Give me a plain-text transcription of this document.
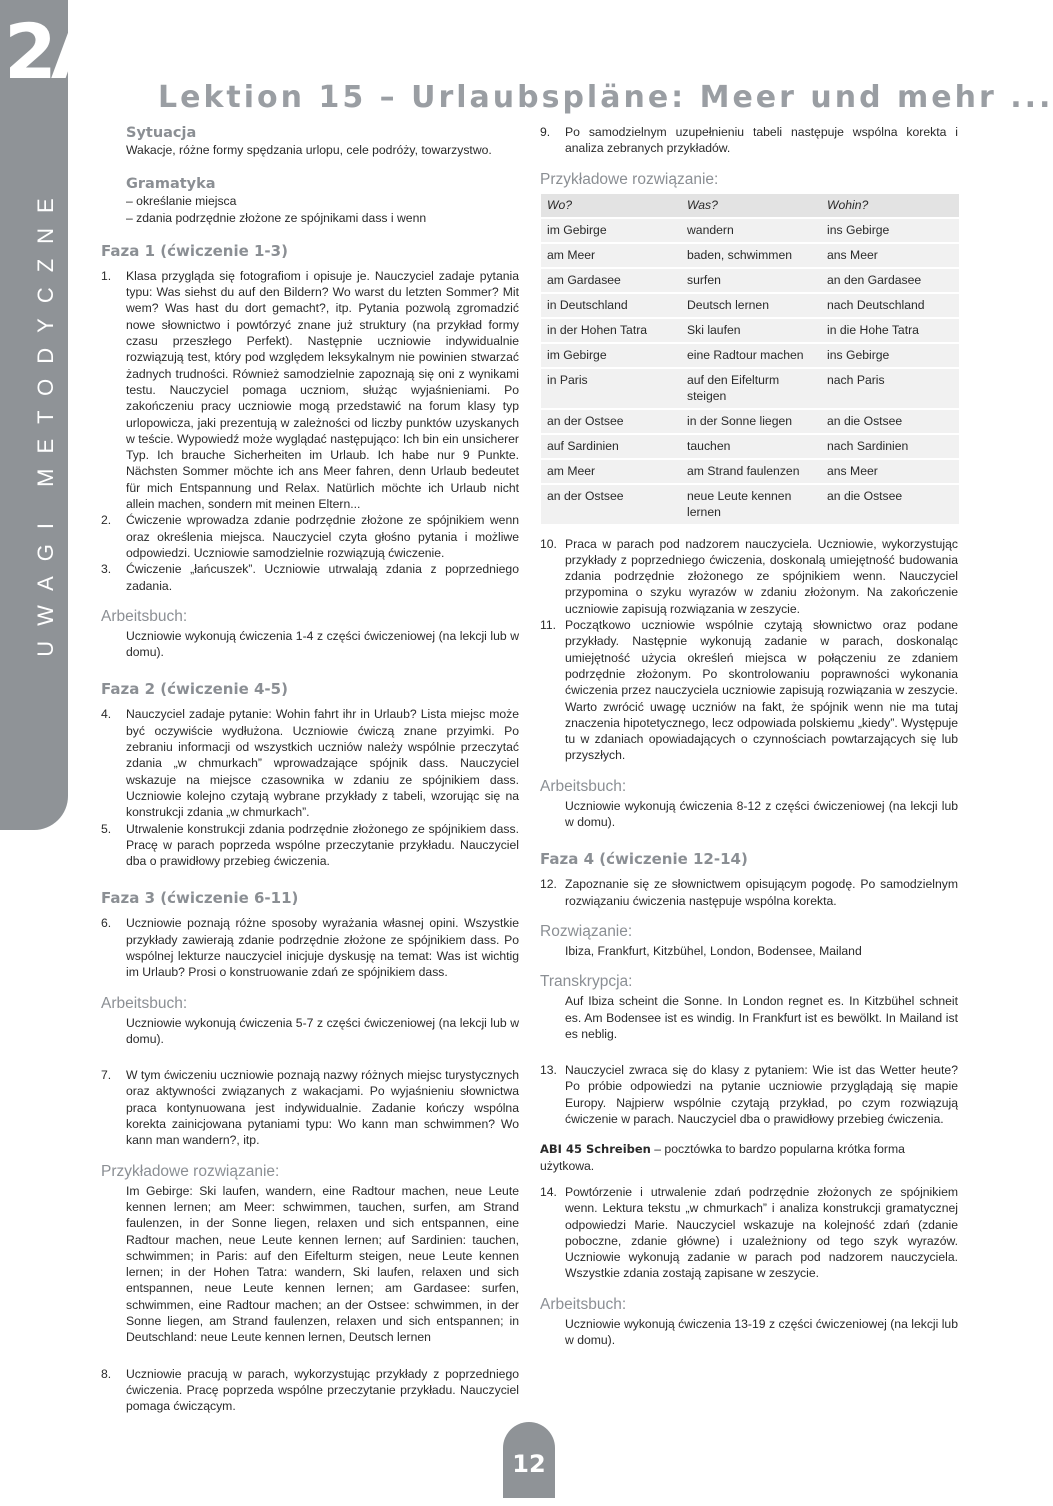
2A
UWAGI METODYCZNE
Lektion 15 – Urlaubspläne: Meer und mehr ...
Sytuacja
Wakacje, różne formy spędzania urlopu, cele podróży, towarzystwo.
Gramatyka
– określanie miejsca
– zdania podrzędnie złożone ze spójnikami dass i wenn
Faza 1 (ćwiczenie 1-3)
1.	Klasa przygląda się fotografiom i opisuje je. Nauczyciel zadaje pytania typu: Was siehst du auf den Bildern? Wo warst du letzten Sommer? Mit wem? Was hast du dort gemacht?, itp. Pytania pozwolą zgromadzić nowe słownictwo i powtórzyć znane już struktury (na przykład formy czasu przeszłego Perfekt). Następnie uczniowie indywidualnie rozwiązują test, który pod względem leksykalnym nie powinien stwarzać żadnych trudności. Również samodzielnie zapoznają się oni z wynikami testu. Nauczyciel pomaga uczniom, służąc wyjaśnieniami. Po zakończeniu pracy uczniowie mogą przedstawić na forum klasy typ urlopowicza, jaki prezentują w zależności od liczby punktów uzyskanych w teście. Wypowiedź może wyglądać następująco: Ich bin ein unsicherer Typ. Ich brauche Sicherheiten im Urlaub. Ich habe nur 9 Punkte. Nächsten Sommer möchte ich ans Meer fahren, denn Urlaub bedeutet für mich Entspannung und Relax. Natürlich möchte ich Urlaub nicht allein machen, sondern mit meinen Eltern...
2.	Ćwiczenie wprowadza zdanie podrzędnie złożone ze spójnikiem wenn oraz określenia miejsca. Nauczyciel czyta głośno pytania i możliwe odpowiedzi. Uczniowie samodzielnie rozwiązują ćwiczenie.
3.	Ćwiczenie „łańcuszek”. Uczniowie utrwalają zdania z poprzedniego zadania.
Arbeitsbuch:
Uczniowie wykonują ćwiczenia 1-4 z części ćwiczeniowej (na lekcji lub w domu).
Faza 2 (ćwiczenie 4-5)
4.	Nauczyciel zadaje pytanie: Wohin fahrt ihr in Urlaub? Lista miejsc może być oczywiście wydłużona. Uczniowie ćwiczą znane przyimki. Po zebraniu informacji od wszystkich uczniów należy wspólnie przeczytać zdania „w chmurkach” wprowadzające spójnik dass. Nauczyciel wskazuje na miejsce czasownika w zdaniu ze spójnikiem dass. Uczniowie kolejno czytają wybrane przykłady z tabeli, wzorując się na konstrukcji zdania „w chmurkach”.
5.	Utrwalenie konstrukcji zdania podrzędnie złożonego ze spójnikiem dass. Pracę w parach poprzeda wspólne przeczytanie przykładu. Nauczyciel dba o prawidłowy przebieg ćwiczenia.
Faza 3 (ćwiczenie 6-11)
6.	Uczniowie poznają różne sposoby wyrażania własnej opini. Wszystkie przykłady zawierają zdanie podrzędnie złożone ze spójnikiem dass. Po wspólnej lekturze nauczyciel inicjuje dyskusję na temat: Was ist wichtig im Urlaub? Prosi o konstruowanie zdań ze spójnikiem dass.
Arbeitsbuch:
Uczniowie wykonują ćwiczenia 5-7 z części ćwiczeniowej (na lekcji lub w domu).
7.	W tym ćwiczeniu uczniowie poznają nazwy różnych miejsc turystycznych oraz aktywności związanych z wakacjami. Po wyjaśnieniu słownictwa praca kontynuowana jest indywidualnie. Zadanie kończy wspólna korekta zainicjowana pytaniami typu: Wo kann man schwimmen? Wo kann man wandern?, itp.
Przykładowe rozwiązanie:
Im Gebirge: Ski laufen, wandern, eine Radtour machen, neue Leute kennen lernen; am Meer: schwimmen, tauchen, surfen, am Strand faulenzen, in der Sonne liegen, relaxen und sich entspannen, eine Radtour machen, neue Leute kennen lernen; auf Sardinien: tauchen, schwimmen; in Paris: auf den Eifelturm steigen, neue Leute kennen lernen; in der Hohen Tatra: wandern, Ski laufen, relaxen und sich entspannen, neue Leute kennen lernen; am Gardasee: surfen, schwimmen, eine Radtour machen; an der Ostsee: schwimmen, in der Sonne liegen, am Strand faulenzen, relaxen und sich entspannen; in Deutschland: neue Leute kennen lernen, Deutsch lernen
8.	Uczniowie pracują w parach, wykorzystując przykłady z poprzedniego ćwiczenia. Pracę poprzeda wspólne przeczytanie przykładu. Nauczyciel pomaga ćwiczącym.
9.	Po samodzielnym uzupełnieniu tabeli następuje wspólna korekta i analiza zebranych przykładów.
Przykładowe rozwiązanie:
Wo?	Was?	Wohin?
im Gebirge	wandern	ins Gebirge
am Meer	baden, schwimmen	ans Meer
am Gardasee	surfen	an den Gardasee
in Deutschland	Deutsch lernen	nach Deutschland
in der Hohen Tatra	Ski laufen	in die Hohe Tatra
im Gebirge	eine Radtour machen	ins Gebirge
in Paris	auf den Eifelturm steigen	nach Paris
an der Ostsee	in der Sonne liegen	an die Ostsee
auf Sardinien	tauchen	nach Sardinien
am Meer	am Strand faulenzen	ans Meer
an der Ostsee	neue Leute kennen lernen	an die Ostsee
10. Praca w parach pod nadzorem nauczyciela. Uczniowie, wykorzystując przykłady z poprzedniego ćwiczenia, doskonalą umiejętność budowania zdania podrzędnie złożonego ze spójnikiem wenn. Nauczyciel przypomina o szyku wyrazów w zdaniu złożonym. Na zakończenie uczniowie zapisują rozwiązania w zeszycie.
11. Początkowo uczniowie wspólnie czytają słownictwo oraz podane przykłady. Następnie wykonują zadanie w parach, doskonaląc umiejętność użycia określeń miejsca w połączeniu ze zdaniem podrzędnie złożonym. Po skontrolowaniu poprawności wykonania ćwiczenia przez nauczyciela uczniowie zapisują rozwiązania w zeszycie. Warto zwrócić uwagę uczniów na fakt, że spójnik wenn nie ma tutaj znaczenia hipotetycznego, lecz odpowiada polskiemu „kiedy”. Występuje tu w zdaniach opowiadających o czynnościach powtarzających się lub przyszłych.
Arbeitsbuch:
Uczniowie wykonują ćwiczenia 8-12 z części ćwiczeniowej (na lekcji lub w domu).
Faza 4 (ćwiczenie 12-14)
12. Zapoznanie się ze słownictwem opisującym pogodę. Po samodzielnym rozwiązaniu ćwiczenia następuje wspólna korekta.
Rozwiązanie:
Ibiza, Frankfurt, Kitzbühel, London, Bodensee, Mailand
Transkrypcja:
Auf Ibiza scheint die Sonne. In London regnet es. In Kitzbühel schneit es. Am Bodensee ist es windig. In Frankfurt ist es bewölkt. In Mailand ist es neblig.
13. Nauczyciel zwraca się do klasy z pytaniem: Wie ist das Wetter heute? Po próbie odpowiedzi na pytanie uczniowie przyglądają się mapie Europy. Najpierw wspólnie czytają przykład, po czym rozwiązują ćwiczenie w parach. Nauczyciel dba o prawidłowy przebieg ćwiczenia.
ABI 45 Schreiben – pocztówka to bardzo popularna krótka forma użytkowa.
14. Powtórzenie i utrwalenie zdań podrzędnie złożonych ze spójnikiem wenn. Lektura tekstu „w chmurkach” i analiza konstrukcji gramatycznej odpowiedzi Marie. Nauczyciel wskazuje na kolejność zdań (zdanie poboczne, zdanie główne) i uzależniony od tego szyk wyrazów. Uczniowie wykonują zadanie w parach pod nadzorem nauczyciela. Wszystkie zdania zostają zapisane w zeszycie.
Arbeitsbuch:
Uczniowie wykonują ćwiczenia 13-19 z części ćwiczeniowej (na lekcji lub w domu).
12
